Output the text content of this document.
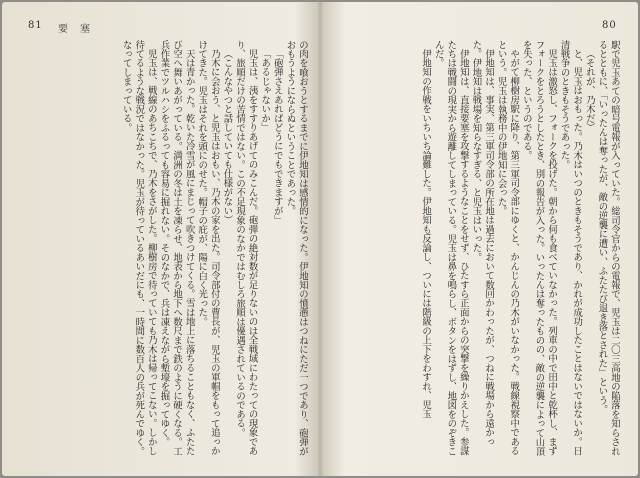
81 要　塞

の肉を喰おうとするまでに伊地知は感情的になった。伊地知の憤懣はつねにただ一つであり、砲弾がおもうようにならぬということであった。

「砲弾さえあればどうにでもできますが」

「あるじゃないか」

児玉は、洟をすすりあげてのみこんだ。砲弾の絶対数が足りないのは全戦域にわたっての現象であり、旅順だけの苦情ではない。この不足現象のなかではむしろ旅順は優遇されているのである。

（こんなやつと話していても仕様がない）

乃木に会おう、と児玉はおもい、乃木の家を出た。司令部付の曹長が、児玉の軍帽をもって追っかけてきた。児玉はそれを頭にのせた。帽子の庇が、陽に白く光った。

天は青かった。乾いた冷雪が風にまじって吹きつけてくる。雪は地上に落ちることもなく、ふたたび空へ舞いあがっている。満洲の冬は土を凍らせ、地表から地下へ数尺まで鉄のように硬くなる。工兵作業でツルハシをふるっても容易に掘れない。そのなかで、兵は凍えながら塹壕を掘ってゆく。

児玉は、戦線のあちこちで、乃木をさがした。柳樹房で待っていても乃木は帰ってこない。しかし待てるような戦況ではなかった。児玉が待っているあいだにも、一時間に数百人の兵が死んでゆく。

なってしまっている。

80

駅で児玉あての暗号電報が入っていた。総司令官からの電報で、児玉は二〇三高地の陥落を知らされるとともに、「いったんは奪ったが、敵の逆襲に遭い、ふたたび退き落とされた」という。

（それが、乃木だ）

と、児玉はおもった。乃木はいつのときもそうであり、かれが成功したことはないではないか。日清戦争のときもそうであった。

児玉は激怒し、フォークを投げた。朝から何も食べていなかった。列車の中で田中と乾杯し、まずフォークをとろうとしたとき、別の報告が入った。いったんは奪ったものの、敵の逆襲によって山頂を失った、というのである。

やがて柳樹房駅に降り、第三軍司令部にゆくと、かんじんの乃木がいなかった。戦線視察中であるという。児玉は執務中の伊地知に会った。

伊地知は、事実、第三軍司令部の所在地は過去において数回かわったが、つねに戦場から遠かった。伊地知は戦場を知らなすぎる、と児玉はいった。

伊地知は、直接要塞を攻撃するようなことをせず、ひたすら正面からの突撃を繰りかえした。参謀たちは戦闘の現実から遊離してしまっている。児玉は鼻を鳴らし、ボタンをはずし、地図をのぞきこんだ。

伊地知の作戦をいちいち論難した。伊地知も反論し、ついには階級の上下をわすれ、児玉
